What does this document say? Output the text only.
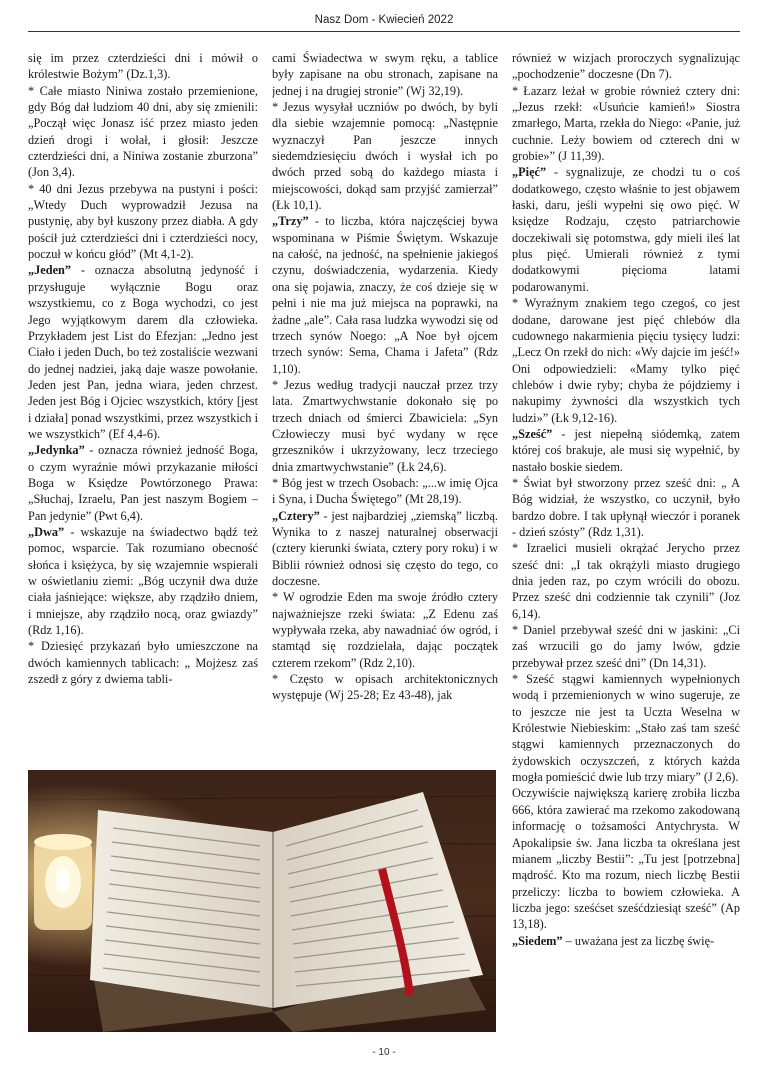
Nasz Dom - Kwiecień 2022

się im przez czterdzieści dni i mówił o królestwie Bożym” (Dz.1,3).

* Całe miasto Niniwa zostało przemienione, gdy Bóg dał ludziom 40 dni, aby się zmienili: „Począł więc Jonasz iść przez miasto jeden dzień drogi i wołał, i głosił: Jeszcze czterdzieści dni, a Niniwa zostanie zburzona” (Jon 3,4).

* 40 dni Jezus przebywa na pustyni i pości: „Wtedy Duch wyprowadził Jezusa na pustynię, aby był kuszony przez diabła. A gdy pościł już czterdzieści dni i czterdzieści nocy, poczuł w końcu głód” (Mt 4,1-2).

„Jeden” - oznacza absolutną jedyność i przysługuje wyłącznie Bogu oraz wszystkiemu, co z Boga wychodzi, co jest Jego wyjątkowym darem dla człowieka. Przykładem jest List do Efezjan: „Jedno jest Ciało i jeden Duch, bo też zostaliście wezwani do jednej nadziei, jaką daje wasze powołanie. Jeden jest Pan, jedna wiara, jeden chrzest. Jeden jest Bóg i Ojciec wszystkich, który [jest i działa] ponad wszystkimi, przez wszystkich i we wszystkich” (Ef 4,4-6).

„Jedynka” - oznacza również jedność Boga, o czym wyraźnie mówi przykazanie miłości Boga w Księdze Powtórzonego Prawa: „Słuchaj, Izraelu, Pan jest naszym Bogiem – Pan jedynie” (Pwt 6,4).

„Dwa” - wskazuje na świadectwo bądź też pomoc, wsparcie. Tak rozumiano obecność słońca i księżyca, by się wzajemnie wspierali w oświetlaniu ziemi: „Bóg uczynił dwa duże ciała jaśniejące: większe, aby rządziło dniem, i mniejsze, aby rządziło nocą, oraz gwiazdy” (Rdz 1,16).

* Dziesięć przykazań było umieszczone na dwóch kamiennych tablicach: „ Mojżesz zaś zszedł z góry z dwiema tabli-

cami Świadectwa w swym ręku, a tablice były zapisane na obu stronach, zapisane na jednej i na drugiej stronie” (Wj 32,19).

* Jezus wysyłał uczniów po dwóch, by byli dla siebie wzajemnie pomocą: „Następnie wyznaczył Pan jeszcze innych siedemdziesięciu dwóch i wysłał ich po dwóch przed sobą do każdego miasta i miejscowości, dokąd sam przyjść zamierzał” (Łk 10,1).

„Trzy” - to liczba, która najczęściej bywa wspominana w Piśmie Świętym. Wskazuje na całość, na jedność, na spełnienie jakiegoś czynu, doświadczenia, wydarzenia. Kiedy ona się pojawia, znaczy, że coś dzieje się w pełni i nie ma już miejsca na poprawki, na żadne „ale”. Cała rasa ludzka wywodzi się od trzech synów Noego: „A Noe był ojcem trzech synów: Sema, Chama i Jafeta” (Rdz 1,10).

* Jezus według tradycji nauczał przez trzy lata. Zmartwychwstanie dokonało się po trzech dniach od śmierci Zbawiciela: „Syn Człowieczy musi być wydany w ręce grzeszników i ukrzyżowany, lecz trzeciego dnia zmartwychwstanie” (Łk 24,6).

* Bóg jest w trzech Osobach: „...w imię Ojca i Syna, i Ducha Świętego” (Mt 28,19).

„Cztery” - jest najbardziej „ziemską” liczbą. Wynika to z naszej naturalnej obserwacji (cztery kierunki świata, cztery pory roku) i w Biblii również odnosi się często do tego, co doczesne.

* W ogrodzie Eden ma swoje źródło cztery najważniejsze rzeki świata: „Z Edenu zaś wypływała rzeka, aby nawadniać ów ogród, i stamtąd się rozdzielała, dając początek czterem rzekom” (Rdz 2,10).

* Często w opisach architektonicznych występuje (Wj 25-28; Ez 43-48), jak

również w wizjach proroczych sygnalizując „pochodzenie” doczesne (Dn 7).

* Łazarz leżał w grobie również cztery dni: „Jezus rzekł: «Usuńcie kamień!» Siostra zmarłego, Marta, rzekła do Niego: «Panie, już cuchnie. Leży bowiem od czterech dni w grobie»” (J 11,39).

„Pięć” - sygnalizuje, ze chodzi tu o coś dodatkowego, często właśnie to jest objawem łaski, daru, jeśli wypełni się owo pięć. W księdze Rodzaju, często patriarchowie doczekiwali się potomstwa, gdy mieli ileś lat plus pięć. Umierali również z tymi dodatkowymi pięcioma latami podarowanymi.

* Wyraźnym znakiem tego czegoś, co jest dodane, darowane jest pięć chlebów dla cudownego nakarmienia pięciu tysięcy ludzi: „Lecz On rzekł do nich: «Wy dajcie im jeść!» Oni odpowiedzieli: «Mamy tylko pięć chlebów i dwie ryby; chyba że pójdziemy i nakupimy żywności dla wszystkich tych ludzi»” (Łk 9,12-16).

„Sześć” - jest niepełną siódemką, zatem której coś brakuje, ale musi się wypełnić, by nastało boskie siedem.

* Świat był stworzony przez sześć dni: „ A Bóg widział, że wszystko, co uczynił, było bardzo dobre. I tak upłynął wieczór i poranek - dzień szósty” (Rdz 1,31).

* Izraelici musieli okrążać Jerycho przez sześć dni: „I tak okrążyli miasto drugiego dnia jeden raz, po czym wrócili do obozu. Przez sześć dni codziennie tak czynili” (Joz 6,14).

* Daniel przebywał sześć dni w jaskini: „Ci zaś wrzucili go do jamy lwów, gdzie przebywał przez sześć dni” (Dn 14,31).

* Sześć stągwi kamiennych wypełnionych wodą i przemienionych w wino sugeruje, ze to jeszcze nie jest ta Uczta Weselna w Królestwie Niebieskim: „Stało zaś tam sześć stągwi kamiennych przeznaczonych do żydowskich oczyszczeń, z których każda mogła pomieścić dwie lub trzy miary” (J 2,6).

Oczywiście największą karierę zrobiła liczba 666, która zawierać ma rzekomo zakodowaną informację o tożsamości Antychrysta. W Apokalipsie św. Jana liczba ta określana jest mianem „liczby Bestii”: „Tu jest [potrzebna] mądrość. Kto ma rozum, niech liczbę Bestii przeliczy: liczba to bowiem człowieka. A liczba jego: sześćset sześćdziesiąt sześć” (Ap 13,18).

„Siedem” – uważana jest za liczbę świę-

- 10 -
